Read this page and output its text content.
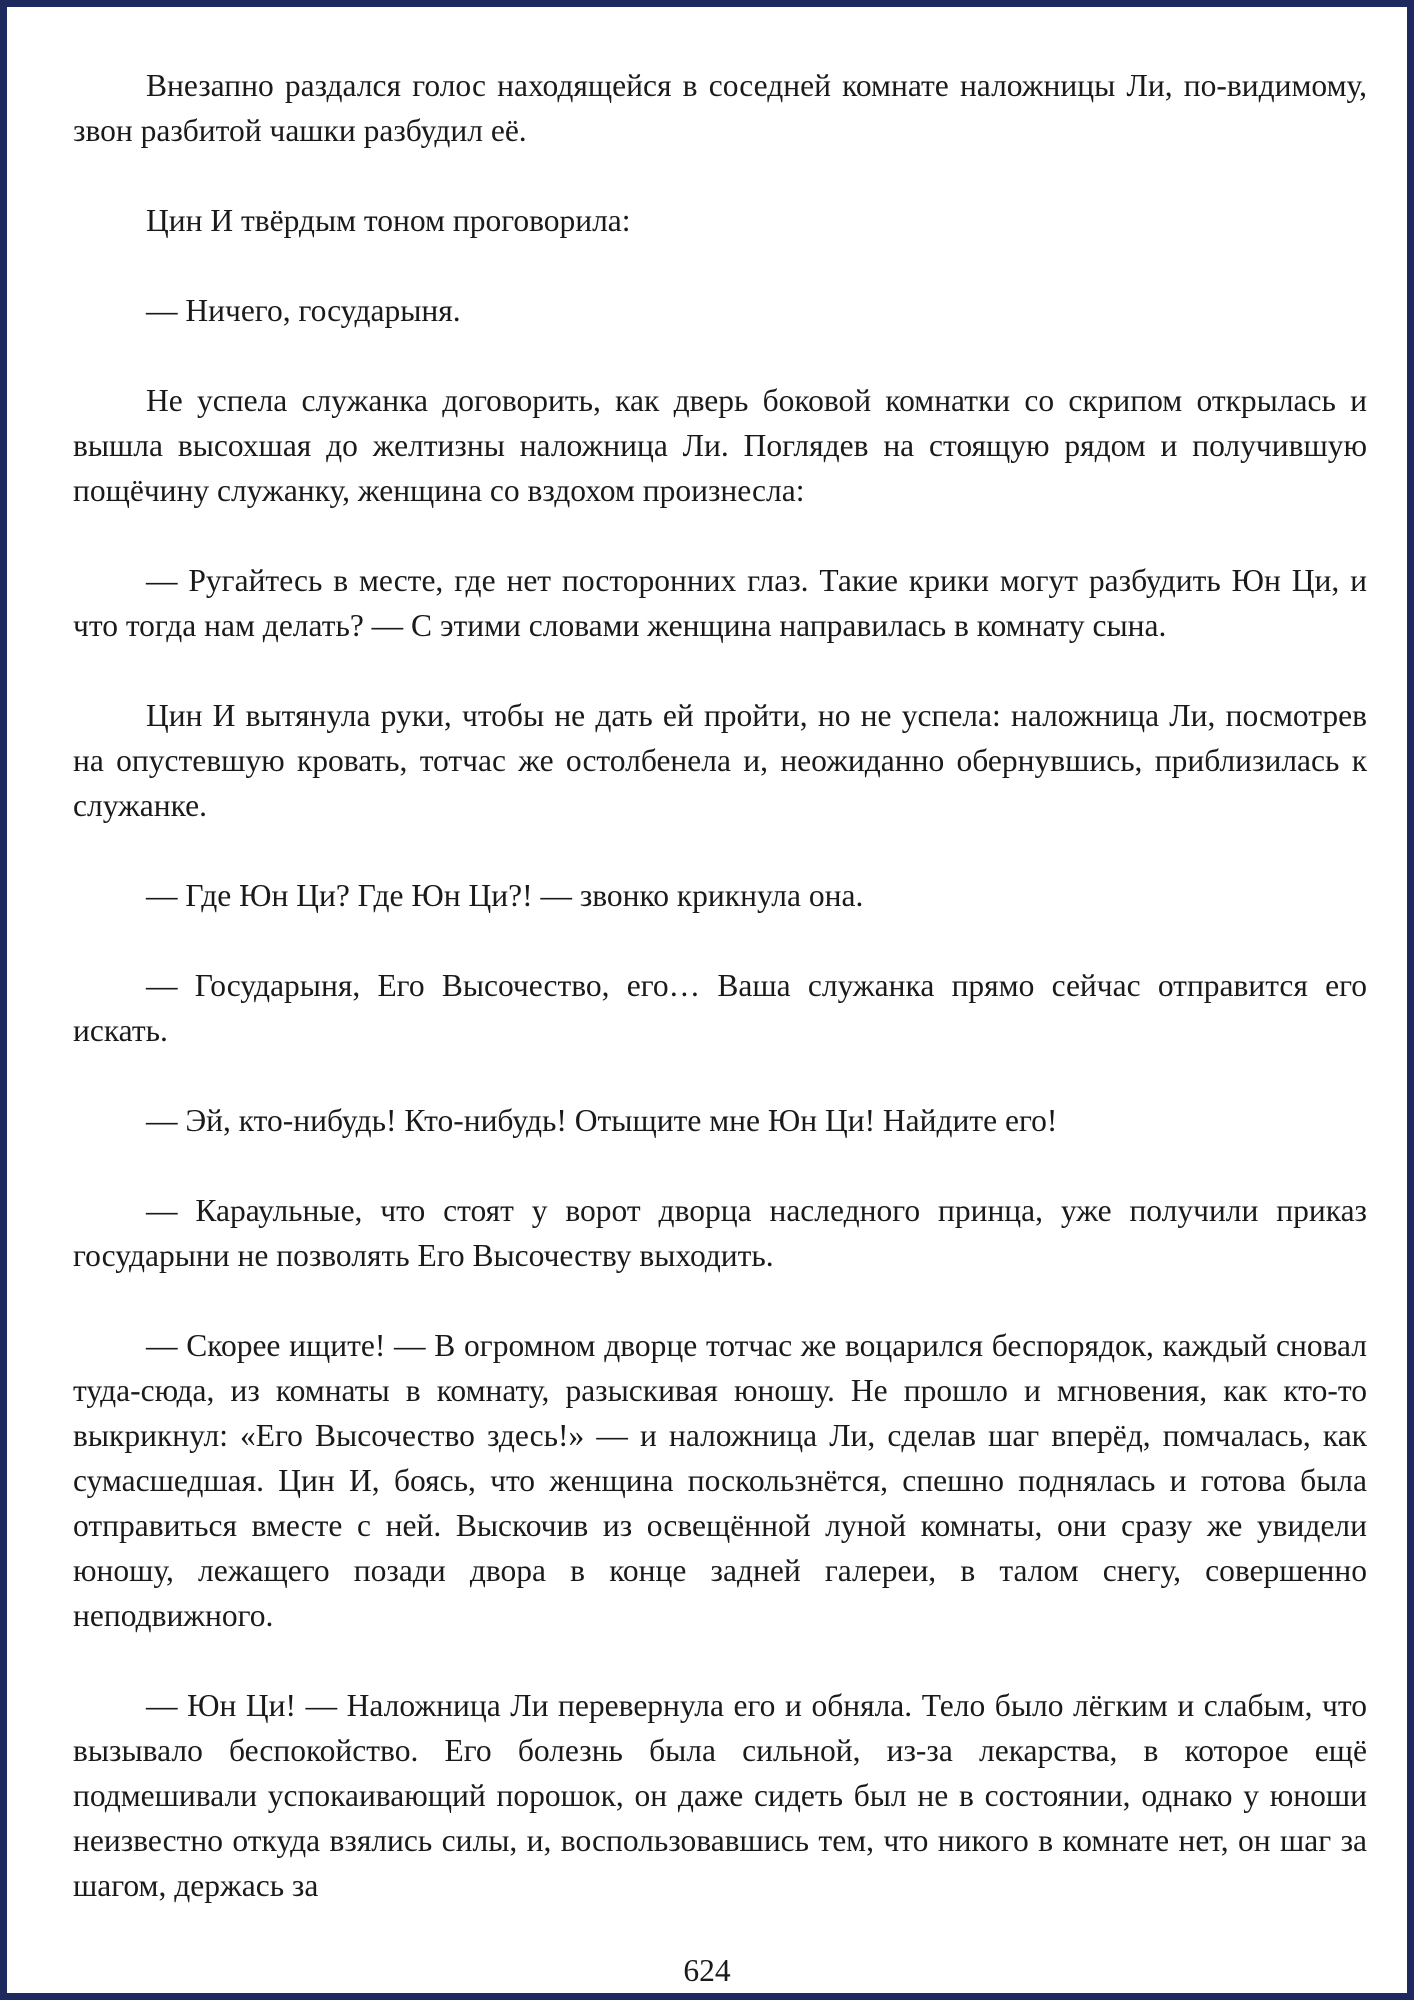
Внезапно раздался голос находящейся в соседней комнате наложницы Ли, по-видимому, звон разбитой чашки разбудил её.

Цин И твёрдым тоном проговорила:

— Ничего, государыня.

Не успела служанка договорить, как дверь боковой комнатки со скрипом открылась и вышла высохшая до желтизны наложница Ли. Поглядев на стоящую рядом и получившую пощёчину служанку, женщина со вздохом произнесла:

— Ругайтесь в месте, где нет посторонних глаз. Такие крики могут разбудить Юн Ци, и что тогда нам делать? — С этими словами женщина направилась в комнату сына.

Цин И вытянула руки, чтобы не дать ей пройти, но не успела: наложница Ли, посмотрев на опустевшую кровать, тотчас же остолбенела и, неожиданно обернувшись, приблизилась к служанке.

— Где Юн Ци? Где Юн Ци?! — звонко крикнула она.

— Государыня, Его Высочество, его… Ваша служанка прямо сейчас отправится его искать.

— Эй, кто-нибудь! Кто-нибудь! Отыщите мне Юн Ци! Найдите его!

— Караульные, что стоят у ворот дворца наследного принца, уже получили приказ государыни не позволять Его Высочеству выходить.

— Скорее ищите! — В огромном дворце тотчас же воцарился беспорядок, каждый сновал туда-сюда, из комнаты в комнату, разыскивая юношу. Не прошло и мгновения, как кто-то выкрикнул: «Его Высочество здесь!» — и наложница Ли, сделав шаг вперёд, помчалась, как сумасшедшая. Цин И, боясь, что женщина поскользнётся, спешно поднялась и готова была отправиться вместе с ней. Выскочив из освещённой луной комнаты, они сразу же увидели юношу, лежащего позади двора в конце задней галереи, в талом снегу, совершенно неподвижного.

— Юн Ци! — Наложница Ли перевернула его и обняла. Тело было лёгким и слабым, что вызывало беспокойство. Его болезнь была сильной, из-за лекарства, в которое ещё подмешивали успокаивающий порошок, он даже сидеть был не в состоянии, однако у юноши неизвестно откуда взялись силы, и, воспользовавшись тем, что никого в комнате нет, он шаг за шагом, держась за

624
